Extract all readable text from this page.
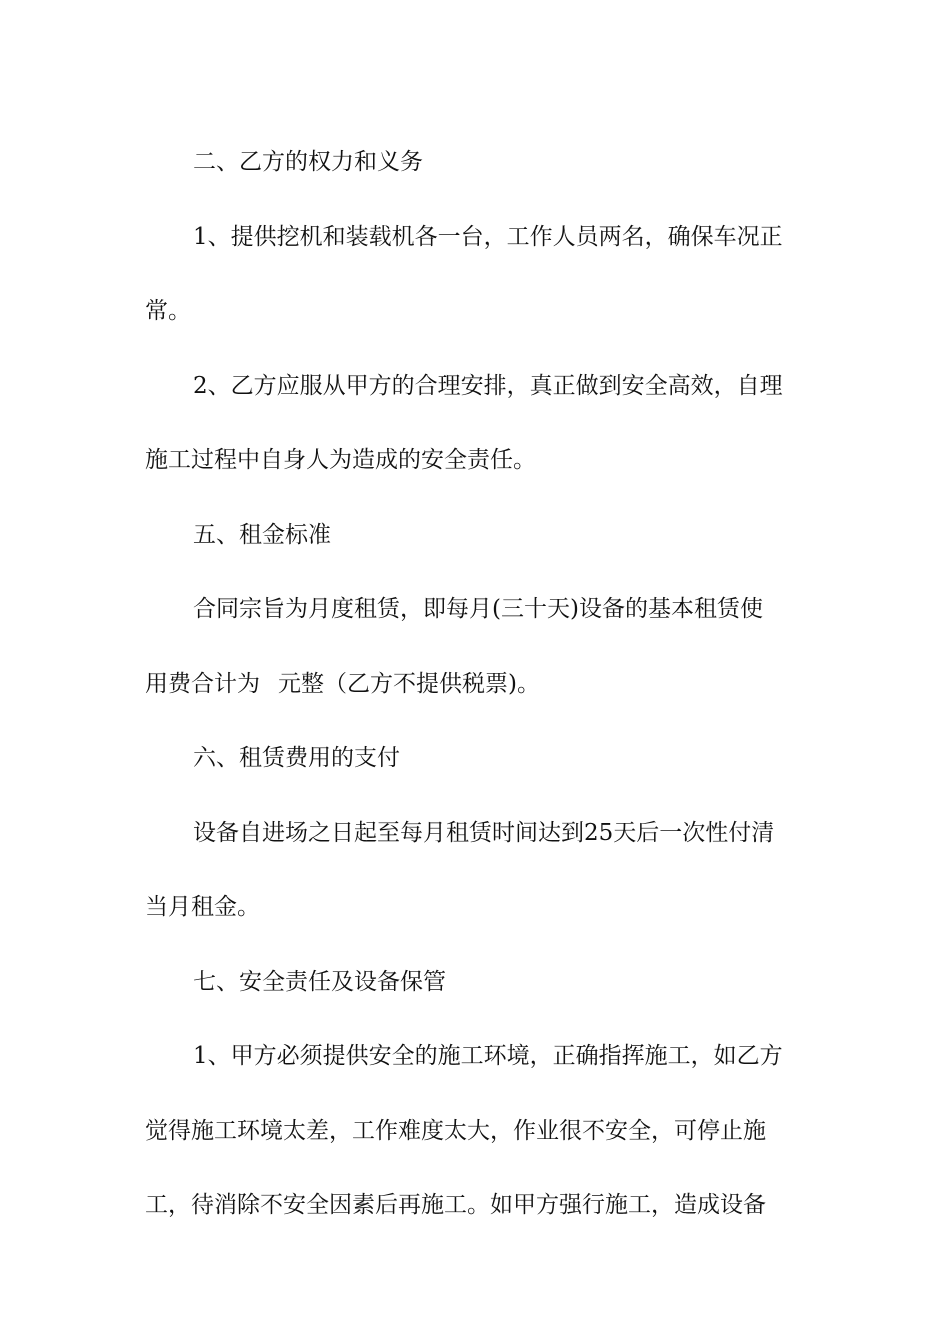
二、乙方的权力和义务

1、提供挖机和装载机各一台，工作人员两名，确保车况正

常。

2、乙方应服从甲方的合理安排，真正做到安全高效，自理

施工过程中自身人为造成的安全责任。

五、租金标准

合同宗旨为月度租赁，即每月(三十天)设备的基本租赁使

用费合计为 元整（乙方不提供税票)。

六、租赁费用的支付

设备自进场之日起至每月租赁时间达到25天后一次性付清

当月租金。

七、安全责任及设备保管

1、甲方必须提供安全的施工环境，正确指挥施工，如乙方

觉得施工环境太差，工作难度太大，作业很不安全，可停止施

工，待消除不安全因素后再施工。如甲方强行施工，造成设备
